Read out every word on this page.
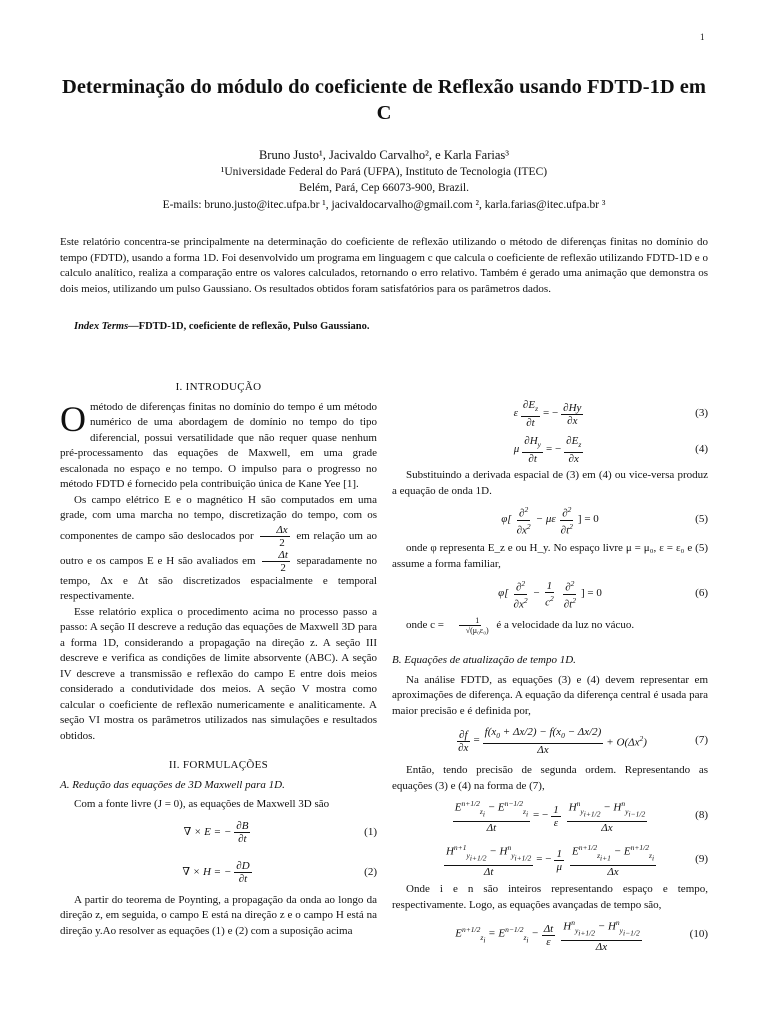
1
Determinação do módulo do coeficiente de Reflexão usando FDTD-1D em C
Bruno Justo¹, Jacivaldo Carvalho², e Karla Farias³
¹Universidade Federal do Pará (UFPA), Instituto de Tecnologia (ITEC)
Belém, Pará, Cep 66073-900, Brazil.
E-mails: bruno.justo@itec.ufpa.br ¹, jacivaldocarvalho@gmail.com ², karla.farias@itec.ufpa.br ³
Este relatório concentra-se principalmente na determinação do coeficiente de reflexão utilizando o método de diferenças finitas no domínio do tempo (FDTD), usando a forma 1D. Foi desenvolvido um programa em linguagem c que calcula o coeficiente de reflexão utilizando FDTD-1D e o calculo analítico, realiza a comparação entre os valores calculados, retornando o erro relativo. Também é gerado uma animação que demonstra os dois meios, utilizando um pulso Gaussiano. Os resultados obtidos foram satisfatórios para os parâmetros dados.
Index Terms—FDTD-1D, coeficiente de reflexão, Pulso Gaussiano.
I. INTRODUÇÃO

Ométodo de diferenças finitas no domínio do tempo é um método numérico de uma abordagem de domínio no tempo do tipo diferencial, possui versatilidade que não requer quase nenhum pré-processamento das equações de Maxwell, em uma grade escalonada no espaço e no tempo. O impulso para o progresso no método FDTD é fornecido pela contribuição única de Kane Yee [1].

Os campo elétrico E e o magnético H são computados em uma grade, com uma marcha no tempo, discretização do tempo, com os componentes de campo são deslocados por $\frac{\Delta x}{2}$ em relação um ao outro e os campos E e H são avaliados em $\frac{\Delta t}{2}$ separadamente no tempo, Δx e Δt são discretizados espacialmente e temporal respectivamente.

Esse relatório explica o procedimento acima no processo passo a passo: A seção II descreve a redução das equações de Maxwell 3D para a forma 1D, considerando a propagação na direção z. A seção III descreve e verifica as condições de limite absorvente (ABC). A seção IV descreve a transmissão e reflexão do campo E entre dois meios considerado a condutividade dos meios. A seção V mostra como calcular o coeficiente de reflexão numericamente e analiticamente. A seção VI mostra os parâmetros utilizados nas simulações e resultados obtidos.

II. FORMULAÇÕES
A. Redução das equações de 3D Maxwell para 1D.

Com a fonte livre (J = 0), as equações de Maxwell 3D são

∇ × E = − $\frac{\partial B}{\partial t}$	(1)
∇ × H = − $\frac{\partial D}{\partial t}$	(2)

A partir do teorema de Poynting, a propagação da onda ao longo da direção z, em seguida, o campo E está na direção z e o campo H está na direção y.Ao resolver as equações (1) e (2) com a suposição acima

ε $\frac{\partial E_z}{\partial t}$ = − $\frac{\partial Hy}{\partial x}$	(3)
μ $\frac{\partial H_y}{\partial t}$ = − $\frac{\partial E_z}{\partial x}$	(4)

Substituindo a derivada espacial de (3) em (4) ou vice-versa produz a equação de onda 1D.

$\varphi[ \frac{\partial^2}{\partial x^2} - \mu\varepsilon \frac{\partial^2}{\partial t^2}$ ] = 0	(5)

onde φ representa E_z e ou H_y. No espaço livre μ = μ₀, ε = ε₀ e (5) assume a forma familiar,

$\varphi[ \frac{\partial^2}{\partial x^2} - \frac{1}{c^2} \frac{\partial^2}{\partial t^2}$ ] = 0	(6)

onde $c = \frac{1}{\text{√(μ₀ε₀)}}$ é a velocidade da luz no vácuo.

B. Equações de atualização de tempo 1D.

Na análise FDTD, as equações (3) e (4) devem representar em aproximações de diferença. A equação da diferença central é usada para maior precisão e é definida por,

$\frac{\partial f}{\partial x} = \frac{f(x_0 + \Delta x/2) - f(x_0 - \Delta x/2)}{\Delta x} + O(\Delta x^2)$	(7)

Então, tendo precisão de segunda ordem. Representando as equações (3) e (4) na forma de (7),

$\frac{E^{n+1/2}_{z_i} - E^{n-1/2}_{z_i}}{\Delta t}$ = − $\frac{1}{\varepsilon} \frac{H^n_{y_{i+1/2}} - H^n_{y_{i-1/2}}}{\Delta x}$	(8)
$\frac{H^{n+1}_{y_{i+1/2}} - H^n_{y_{i+1/2}}}{\Delta t}$ = − $\frac{1}{\mu} \frac{E^{n+1/2}_{z_{i+1}} - E^{n+1/2}_{z_i}}{\Delta x}$	(9)

Onde i e n são inteiros representando espaço e tempo, respectivamente. Logo, as equações avançadas de tempo são,

$E^{n+1/2}_{z_i} = E^{n-1/2}_{z_i} - \frac{\Delta t}{\varepsilon} \frac{H^n_{y_{i+1/2}} - H^n_{y_{i-1/2}}}{\Delta x}$	(10)
